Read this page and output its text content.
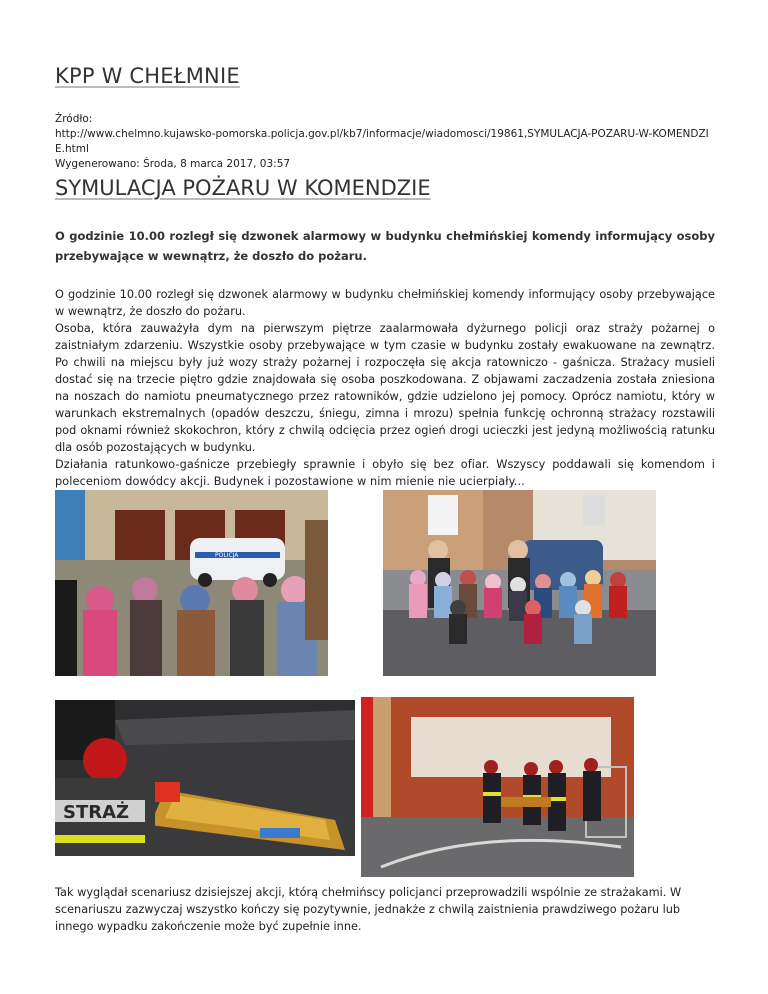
KPP W CHEŁMNIE
Źródło:
http://www.chelmno.kujawsko-pomorska.policja.gov.pl/kb7/informacje/wiadomosci/19861,SYMULACJA-POZARU-W-KOMENDZIE.html
Wygenerowano: Środa, 8 marca 2017, 03:57
SYMULACJA POŻARU W KOMENDZIE
O godzinie 10.00 rozległ się dzwonek alarmowy w budynku chełmińskiej komendy informujący osoby przebywające w wewnątrz, że doszło do pożaru.

O godzinie 10.00 rozległ się dzwonek alarmowy w budynku chełmińskiej komendy informujący osoby przebywające w wewnątrz, że doszło do pożaru.

Osoba, która zauważyła dym na pierwszym piętrze zaalarmowała dyżurnego policji oraz straży pożarnej o zaistniałym zdarzeniu. Wszystkie osoby przebywające w tym czasie w budynku zostały ewakuowane na zewnątrz. Po chwili na miejscu były już wozy straży pożarnej i rozpoczęła się akcja ratowniczo - gaśnicza. Strażacy musieli dostać się na trzecie piętro gdzie znajdowała się osoba poszkodowana. Z objawami zaczadzenia została zniesiona na noszach do namiotu pneumatycznego przez ratowników, gdzie udzielono jej pomocy. Oprócz namiotu, który w warunkach ekstremalnych (opadów deszczu, śniegu, zimna i mrozu) spełnia funkcję ochronną strażacy rozstawili pod oknami również skokochron, który z chwilą odcięcia przez ogień drogi ucieczki jest jedyną możliwością ratunku dla osób pozostających w budynku.

Działania ratunkowo-gaśnicze przebiegły sprawnie i obyło się bez ofiar. Wszyscy poddawali się komendom i poleceniom dowódcy akcji. Budynek i pozostawione w nim mienie nie ucierpiały...

POLICJA
STRAŻ
Tak wyglądał scenariusz dzisiejszej akcji, którą chełmińscy policjanci przeprowadzili wspólnie ze strażakami. W scenariuszu zazwyczaj wszystko kończy się pozytywnie, jednakże z chwilą zaistnienia prawdziwego pożaru lub innego wypadku zakończenie może być zupełnie inne.
